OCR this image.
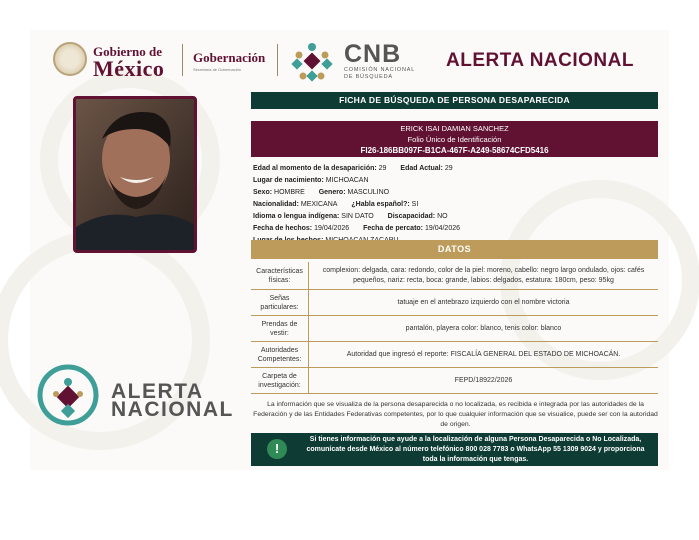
Gobierno de
México Gobernación
Secretaría de Gobernación
CNB
COMISIÓN NACIONAL DE BÚSQUEDA
ALERTA NACIONAL
FICHA DE BÚSQUEDA DE PERSONA DESAPARECIDA
ERICK ISAI DAMIAN SANCHEZ
Folio Único de Identificación
FI26-186BB097F-B1CA-467F-A249-58674CFD5416
Edad al momento de la desaparición: 29 Edad Actual: 29
Lugar de nacimiento: MICHOACAN
Sexo: HOMBRE Genero: MASCULINO
Nacionalidad: MEXICANA ¿Habla español?: SI
Idioma o lengua indígena: SIN DATO Discapacidad: NO
Fecha de hechos: 19/04/2026 Fecha de percato: 19/04/2026
DATOS
Características físicas:
complexion: delgada, cara: redondo, color de la piel: moreno, cabello: negro largo ondulado, ojos: cafés pequeños, nariz: recta, boca: grande, labios: delgados, estatura: 180cm, peso: 95kg
Señas particulares:
tatuaje en el antebrazo izquierdo con el nombre victoria
Prendas de vestir:
pantalón, playera color: blanco, tenis color: blanco
Autoridades Competentes:
Autoridad que ingresó el reporte: FISCALÍA GENERAL DEL ESTADO DE MICHOACÁN.
Carpeta de investigación:
FEPD/18922/2026
La información que se visualiza de la persona desaparecida o no localizada, es recibida e integrada por las autoridades de la Federación y de las Entidades Federativas competentes, por lo que cualquier información que se visualice, puede ser con la autoridad de origen.
Si tienes información que ayude a la localización de alguna Persona Desaparecida o No Localizada, comunícate desde México al número telefónico 800 028 7783 o WhatsApp 55 1309 9024 y proporciona toda la información que tengas.
!
ALERTA
NACIONAL
